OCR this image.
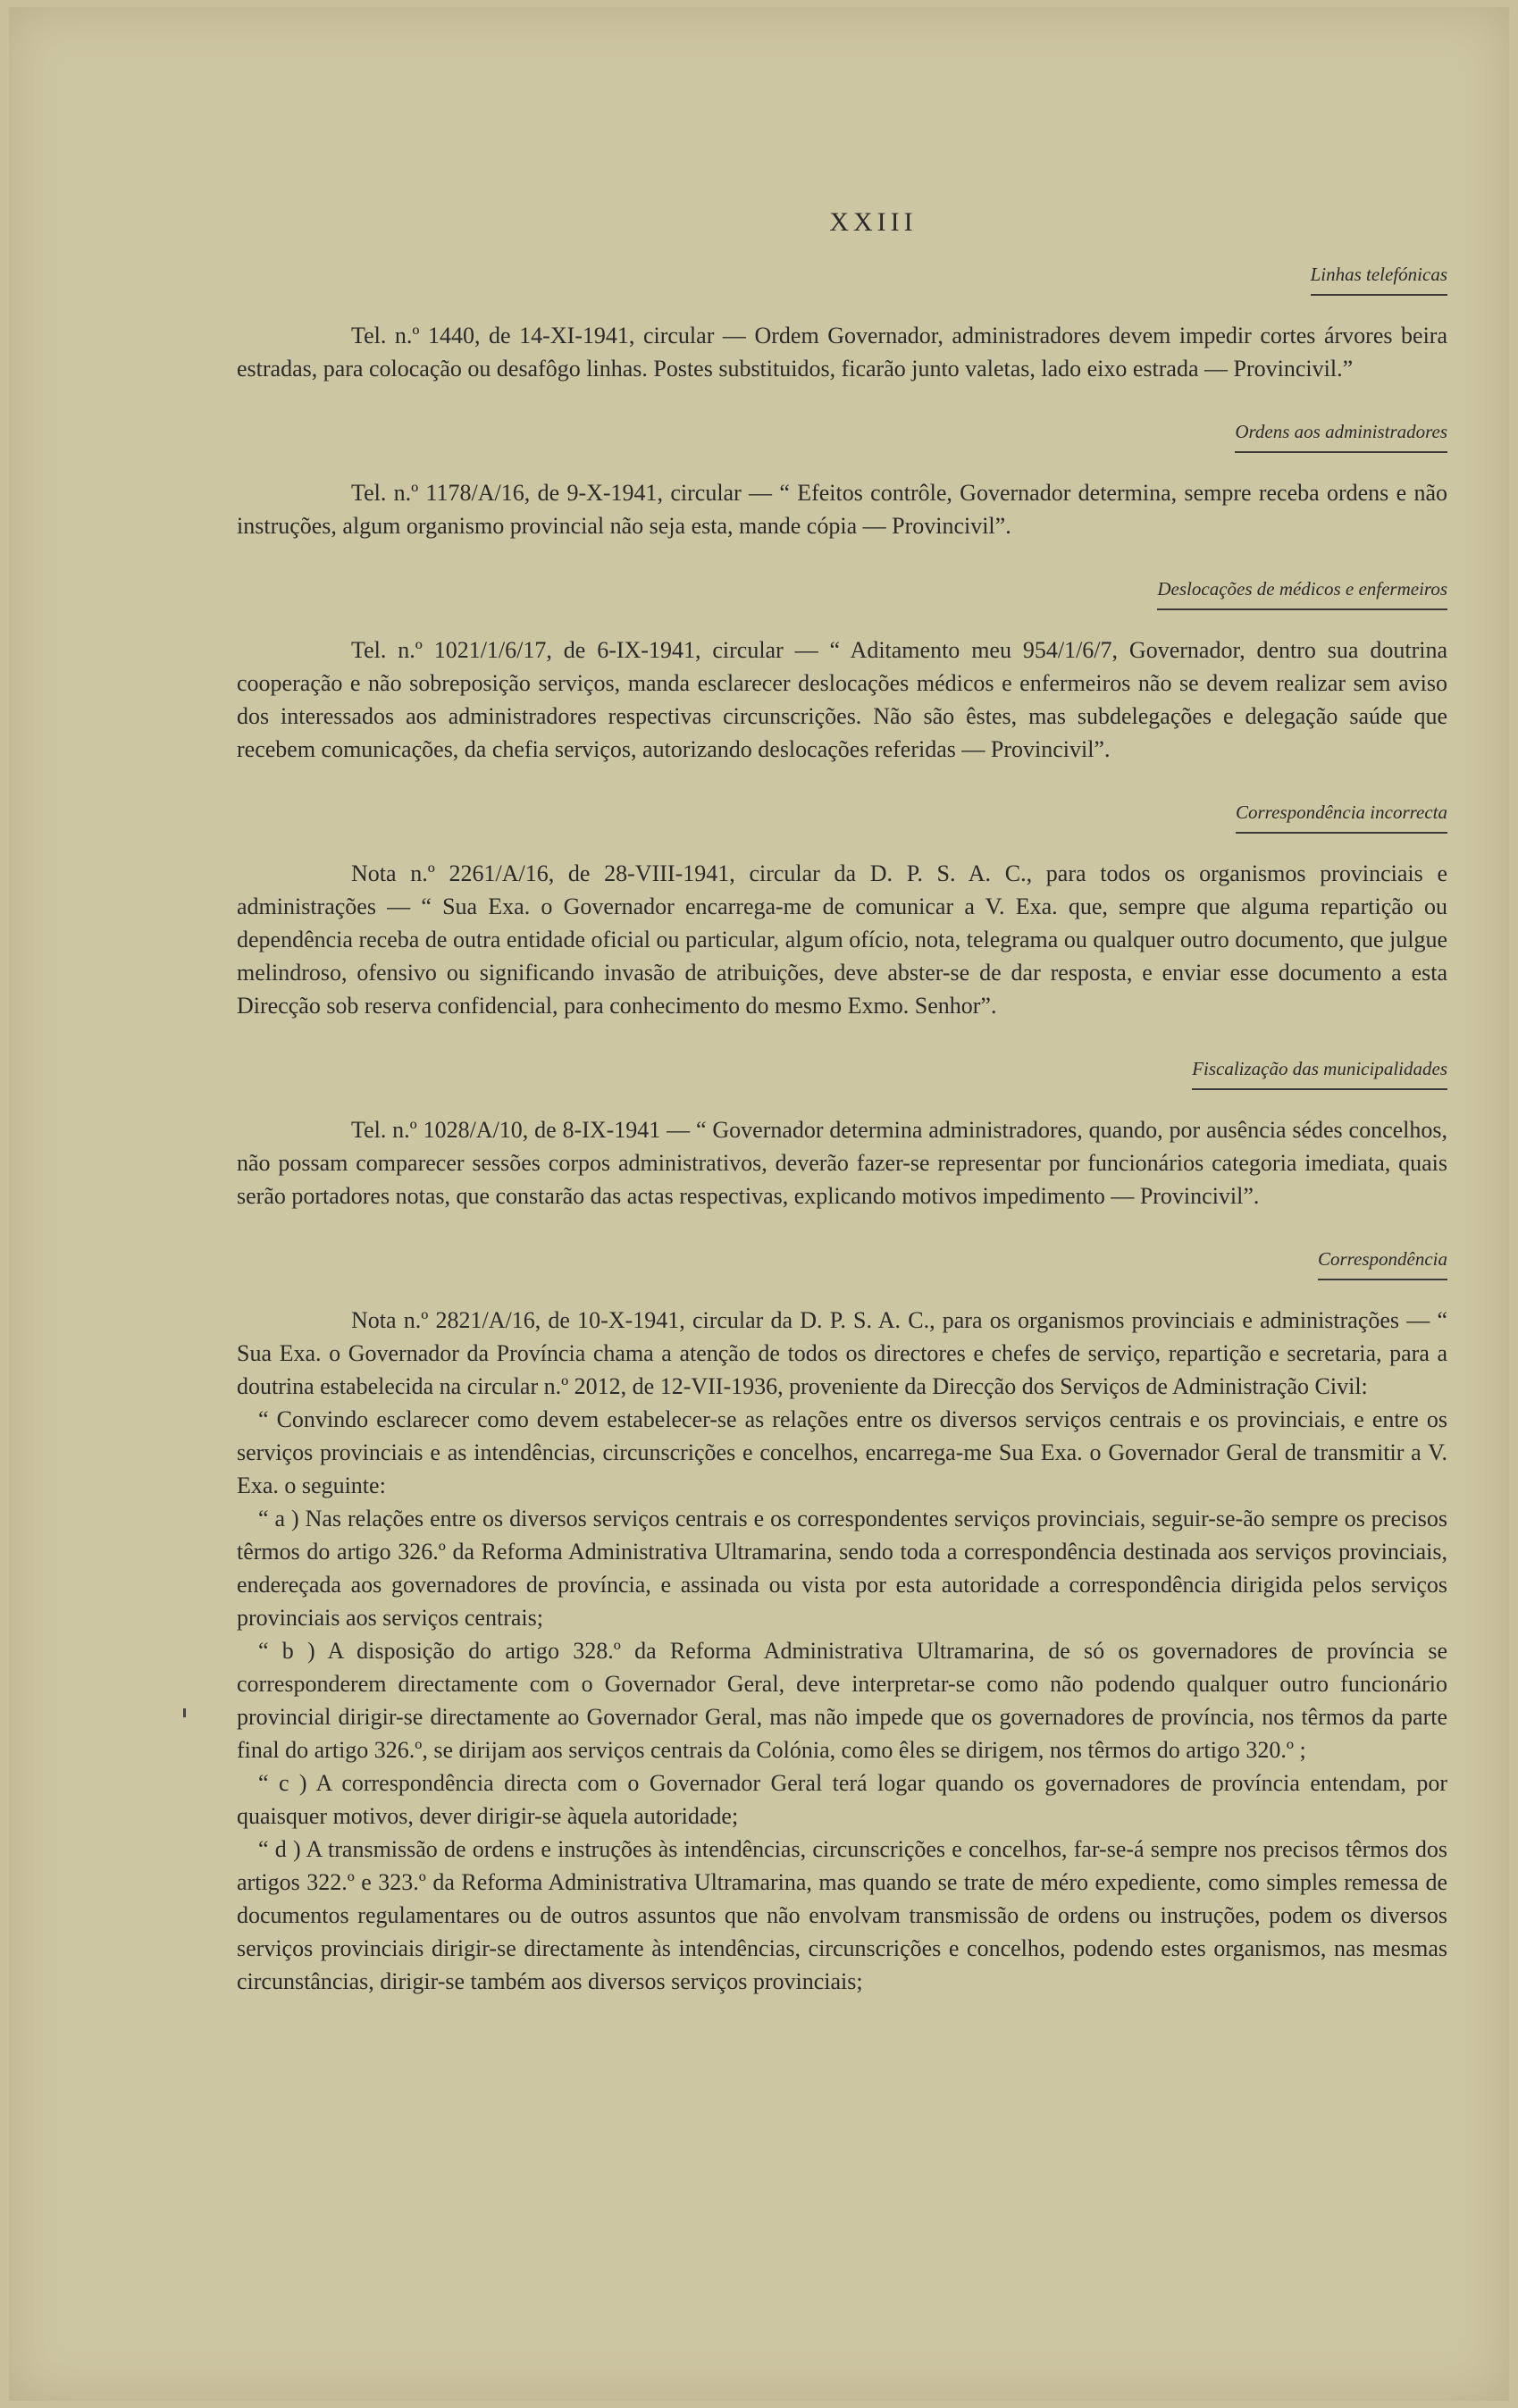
XXIII
Linhas telefónicas

Tel. n.º 1440, de 14-XI-1941, circular — Ordem Governador, administradores devem impedir cortes árvores beira estradas, para colocação ou desafôgo linhas. Postes substituidos, ficarão junto valetas, lado eixo estrada — Provincivil.”

Ordens aos administradores

Tel. n.º 1178/A/16, de 9-X-1941, circular — “ Efeitos contrôle, Governador determina, sempre receba ordens e não instruções, algum organismo provincial não seja esta, mande cópia — Provincivil”.

Deslocações de médicos e enfermeiros

Tel. n.º 1021/1/6/17, de 6-IX-1941, circular — “ Aditamento meu 954/1/6/7, Governador, dentro sua doutrina cooperação e não sobreposição serviços, manda esclarecer deslocações médicos e enfermeiros não se devem realizar sem aviso dos interessados aos administradores respectivas circunscrições. Não são êstes, mas subdelegações e delegação saúde que recebem comunicações, da chefia serviços, autorizando deslocações referidas — Provincivil”.

Correspondência incorrecta

Nota n.º 2261/A/16, de 28-VIII-1941, circular da D. P. S. A. C., para todos os organismos provinciais e administrações — “ Sua Exa. o Governador encarrega-me de comunicar a V. Exa. que, sempre que alguma repartição ou dependência receba de outra entidade oficial ou particular, algum ofício, nota, telegrama ou qualquer outro documento, que julgue melindroso, ofensivo ou significando invasão de atribuições, deve abster-se de dar resposta, e enviar esse documento a esta Direcção sob reserva confidencial, para conhecimento do mesmo Exmo. Senhor”.

Fiscalização das municipalidades

Tel. n.º 1028/A/10, de 8-IX-1941 — “ Governador determina administradores, quando, por ausência sédes concelhos, não possam comparecer sessões corpos administrativos, deverão fazer-se representar por funcionários categoria imediata, quais serão portadores notas, que constarão das actas respectivas, explicando motivos impedimento — Provincivil”.

Correspondência

Nota n.º 2821/A/16, de 10-X-1941, circular da D. P. S. A. C., para os organismos provinciais e administrações — “ Sua Exa. o Governador da Província chama a atenção de todos os directores e chefes de serviço, repartição e secretaria, para a doutrina estabelecida na circular n.º 2012, de 12-VII-1936, proveniente da Direcção dos Serviços de Administração Civil:

“ Convindo esclarecer como devem estabelecer-se as relações entre os diversos serviços centrais e os provinciais, e entre os serviços provinciais e as intendências, circunscrições e concelhos, encarrega-me Sua Exa. o Governador Geral de transmitir a V. Exa. o seguinte:

“ a ) Nas relações entre os diversos serviços centrais e os correspondentes serviços provinciais, seguir-se-ão sempre os precisos têrmos do artigo 326.º da Reforma Administrativa Ultramarina, sendo toda a correspondência destinada aos serviços provinciais, endereçada aos governadores de província, e assinada ou vista por esta autoridade a correspondência dirigida pelos serviços provinciais aos serviços centrais;

“ b ) A disposição do artigo 328.º da Reforma Administrativa Ultramarina, de só os governadores de província se corresponderem directamente com o Governador Geral, deve interpretar-se como não podendo qualquer outro funcionário provincial dirigir-se directamente ao Governador Geral, mas não impede que os governadores de província, nos têrmos da parte final do artigo 326.º, se dirijam aos serviços centrais da Colónia, como êles se dirigem, nos têrmos do artigo 320.º ;

“ c ) A correspondência directa com o Governador Geral terá logar quando os governadores de província entendam, por quaisquer motivos, dever dirigir-se àquela autoridade;

“ d ) A transmissão de ordens e instruções às intendências, circunscrições e concelhos, far-se-á sempre nos precisos têrmos dos artigos 322.º e 323.º da Reforma Administrativa Ultramarina, mas quando se trate de méro expediente, como simples remessa de documentos regulamentares ou de outros assuntos que não envolvam transmissão de ordens ou instruções, podem os diversos serviços provinciais dirigir-se directamente às intendências, circunscrições e concelhos, podendo estes organismos, nas mesmas circunstâncias, dirigir-se também aos diversos serviços provinciais;
